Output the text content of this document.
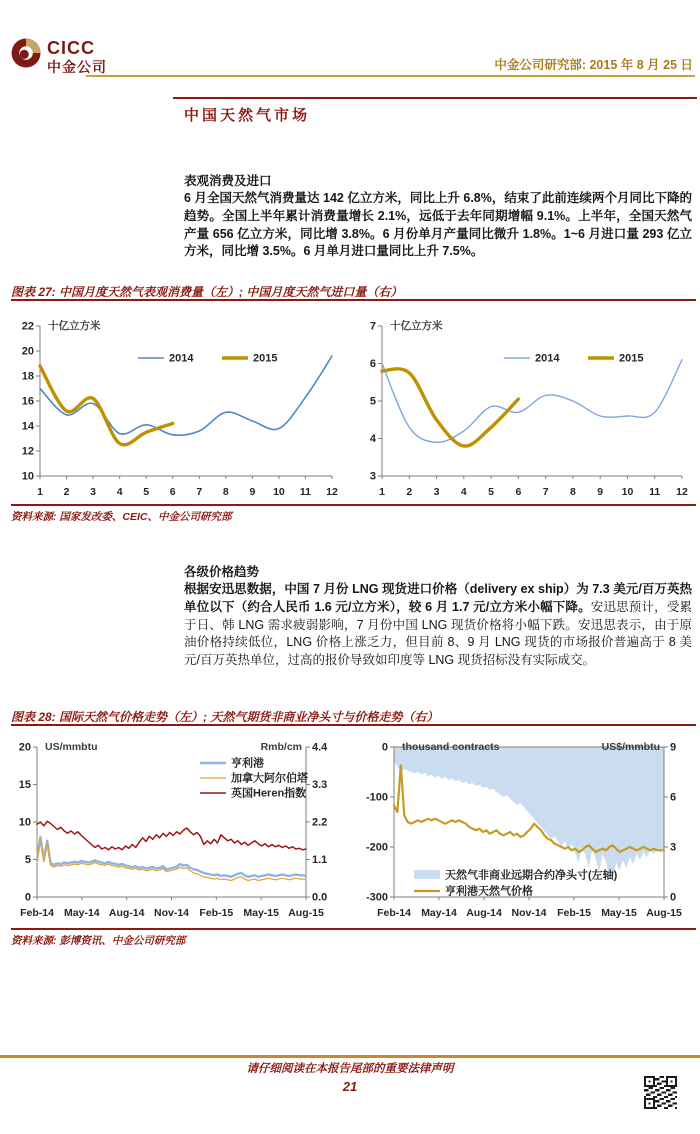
CICC
中金公司	中金公司研究部: 2015 年 8 月 25 日
中国天然气市场
表观消费及进口
6 月全国天然气消费量达 142 亿立方米，同比上升 6.8%，结束了此前连续两个月同比下降的趋势。全国上半年累计消费量增长 2.1%，远低于去年同期增幅 9.1%。上半年，全国天然气产量 656 亿立方米，同比增 3.8%。6 月份单月产量同比微升 1.8%。1~6 月进口量 293 亿立方米，同比增 3.5%。6 月单月进口量同比上升 7.5%。
图表 27: 中国月度天然气表观消费量（左）; 中国月度天然气进口量（右）
10
12
14
16
18
20
22
1 2 3 4 5 6 7 8 9 10 11 12
十亿立方米
2014	2015
3
4
5
6
7
1 2 3 4 5 6 7 8 9 10 11 12
十亿立方米
2014	2015
资料来源: 国家发改委、CEIC、中金公司研究部
各级价格趋势
根据安迅思数据，中国 7 月份 LNG 现货进口价格（delivery ex ship）为 7.3 美元/百万英热单位以下（约合人民币 1.6 元/立方米），较 6 月 1.7 元/立方米小幅下降。安迅思预计，受累于日、韩 LNG 需求疲弱影响，7 月份中国 LNG 现货价格将小幅下跌。安迅思表示，由于原油价格持续低位，LNG 价格上涨乏力，但目前 8、9 月 LNG 现货的市场报价普遍高于 8 美元/百万英热单位，过高的报价导致如印度等 LNG 现货招标没有实际成交。
图表 28: 国际天然气价格走势（左）; 天然气期货非商业净头寸与价格走势（右）
0
5
10
15
20
0.0
1.1
2.2
3.3
4.4
Feb-14 May-14 Aug-14 Nov-14 Feb-15 May-15 Aug-15
US/mmbtu	Rmb/cm
亨利港
加拿大阿尔伯塔
英国Heren指数
0
-100
-200
-300	0
3
6
9
Feb-14 May-14 Aug-14 Nov-14 Feb-15 May-15 Aug-15
thousand contracts	US$/mmbtu
天然气非商业远期合约净头寸(左轴)
亨利港天然气价格
资料来源: 彭博资讯、中金公司研究部
请仔细阅读在本报告尾部的重要法律声明
21
